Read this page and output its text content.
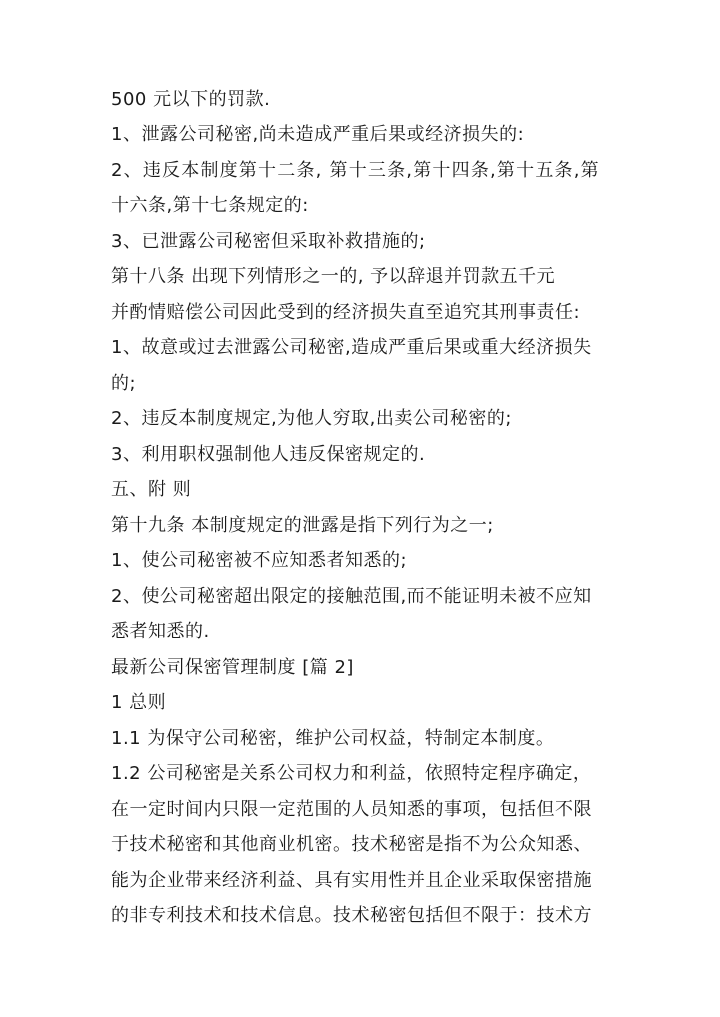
500 元以下的罚款.
1、泄露公司秘密,尚未造成严重后果或经济损失的:
2、违反本制度第十二条, 第十三条,第十四条,第十五条,第
十六条,第十七条规定的:
3、已泄露公司秘密但采取补救措施的;
第十八条 出现下列情形之一的, 予以辞退并罚款五千元
并酌情赔偿公司因此受到的经济损失直至追究其刑事责任:
1、故意或过去泄露公司秘密,造成严重后果或重大经济损失
的;
2、违反本制度规定,为他人穷取,出卖公司秘密的;
3、利用职权强制他人违反保密规定的.
五、附 则
第十九条 本制度规定的泄露是指下列行为之一;
1、使公司秘密被不应知悉者知悉的;
2、使公司秘密超出限定的接触范围,而不能证明未被不应知
悉者知悉的.
最新公司保密管理制度 [篇 2]
1 总则
1.1 为保守公司秘密，维护公司权益，特制定本制度。
1.2 公司秘密是关系公司权力和利益，依照特定程序确定，
在一定时间内只限一定范围的人员知悉的事项，包括但不限
于技术秘密和其他商业机密。技术秘密是指不为公众知悉、
能为企业带来经济利益、具有实用性并且企业采取保密措施
的非专利技术和技术信息。技术秘密包括但不限于：技术方
